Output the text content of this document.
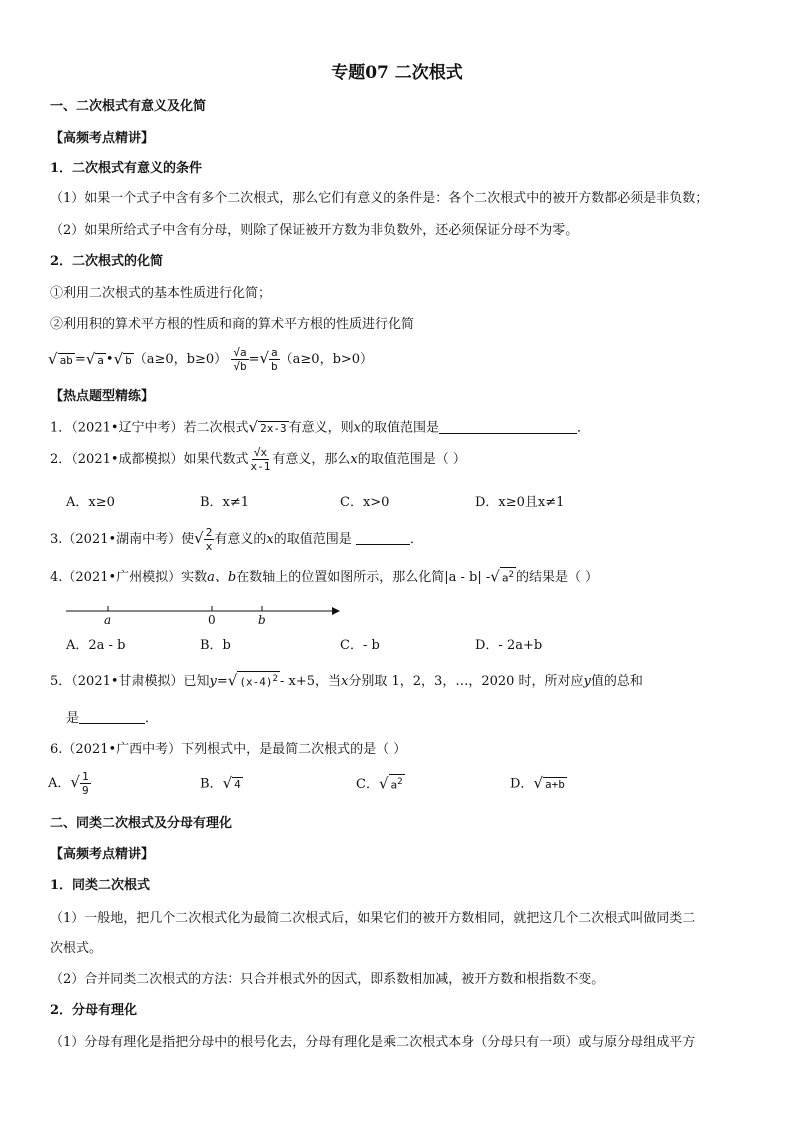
专题07 二次根式
一、二次根式有意义及化简
【高频考点精讲】
1．二次根式有意义的条件
（1）如果一个式子中含有多个二次根式，那么它们有意义的条件是：各个二次根式中的被开方数都必须是非负数；
（2）如果所给式子中含有分母，则除了保证被开方数为非负数外，还必须保证分母不为零。
2．二次根式的化简
①利用二次根式的基本性质进行化简；
②利用积的算术平方根的性质和商的算术平方根的性质进行化简
√ ab =√ a •√ b （a≥0，$b\ge 0) \frac{√a}{√b}$ =√ $\frac{a}{b} (a\ge 0$，b>0）
【热点题型精练】
1．（2021•辽宁中考）若二次根式√ 2x-3 有意义，则x的取值范围是	．
2．（2021•成都模拟）如果代数式 $\frac{√x}{x-1}$ 有意义，那么x的取值范围是（ ）
A．x≥0	B．x≠1	C．x>0	D．x≥0且x≠1
3.（2021•湖南中考）使√ $\frac{2}{x}$ 有意义的x的取值范围是	．
4.（2021•广州模拟）实数a、b在数轴上的位置如图所示，那么化简|a - b| -√ $a^2$ 的结果是（ ）
a	0	b
A．2a - b	B．b	C．- b	D．- 2a+b
5．（2021•甘肃模拟）已知y=√ $(x-4)^2 - x+5$，当x分别取 1，2，3，…，2020 时，所对应y值的总和
是	．
6.（2021•广西中考）下列根式中，是最简二次根式的是（ ）
A．√ $\frac{1}{9}$	B．√ 4	C．√ $a^2$	D．√ a+b
二、同类二次根式及分母有理化
【高频考点精讲】
1．同类二次根式
（1）一般地，把几个二次根式化为最简二次根式后，如果它们的被开方数相同，就把这几个二次根式叫做同类二
次根式。
（2）合并同类二次根式的方法：只合并根式外的因式，即系数相加减，被开方数和根指数不变。
2．分母有理化
（1）分母有理化是指把分母中的根号化去，分母有理化是乘二次根式本身（分母只有一项）或与原分母组成平方
